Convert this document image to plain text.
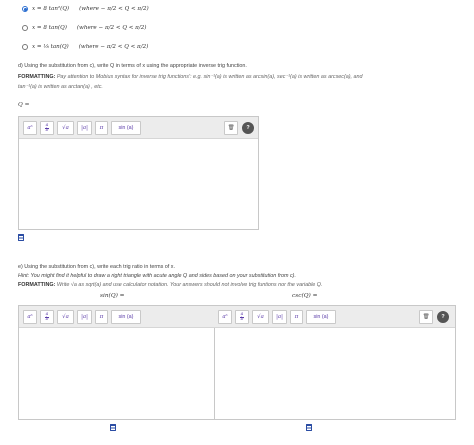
x = 8 tan²(Q) (where − π/2 < Q < π/2)
x = 8 tan(Q) (where − π/2 < Q < π/2)
x = ⅛ tan(Q) (where − π/2 < Q < π/2)
d) Using the substitution from c), write Q in terms of x using the appropriate inverse trig function.
FORMATTING: Pay attention to Mobius syntax for inverse trig functions': e.g. sin⁻¹(a) is written as arcsin(a), sec⁻¹(a) is written as arcsec(a), and
tan⁻¹(a) is written as arctan(a) , etc.
Q =
aᵇ	$\frac{a}{b}$	√a	|a|	π	sin (a)	🗑	?
e) Using the substitution from c), write each trig ratio in terms of x.
Hint: You might find it helpful to draw a right triangle with acute angle Q and sides based on your substitution from c).
FORMATTING: Write √a as sqrt(a) and use calculator notation. Your answers should not involve trig funtions nor the variable Q.
sin(Q) =	csc(Q) =
aᵇ	$\frac{a}{b}$	√a	|a|	π	sin (a)	aᵇ	$\frac{a}{b}$	√a	|a|	π	sin (a)	🗑	?
